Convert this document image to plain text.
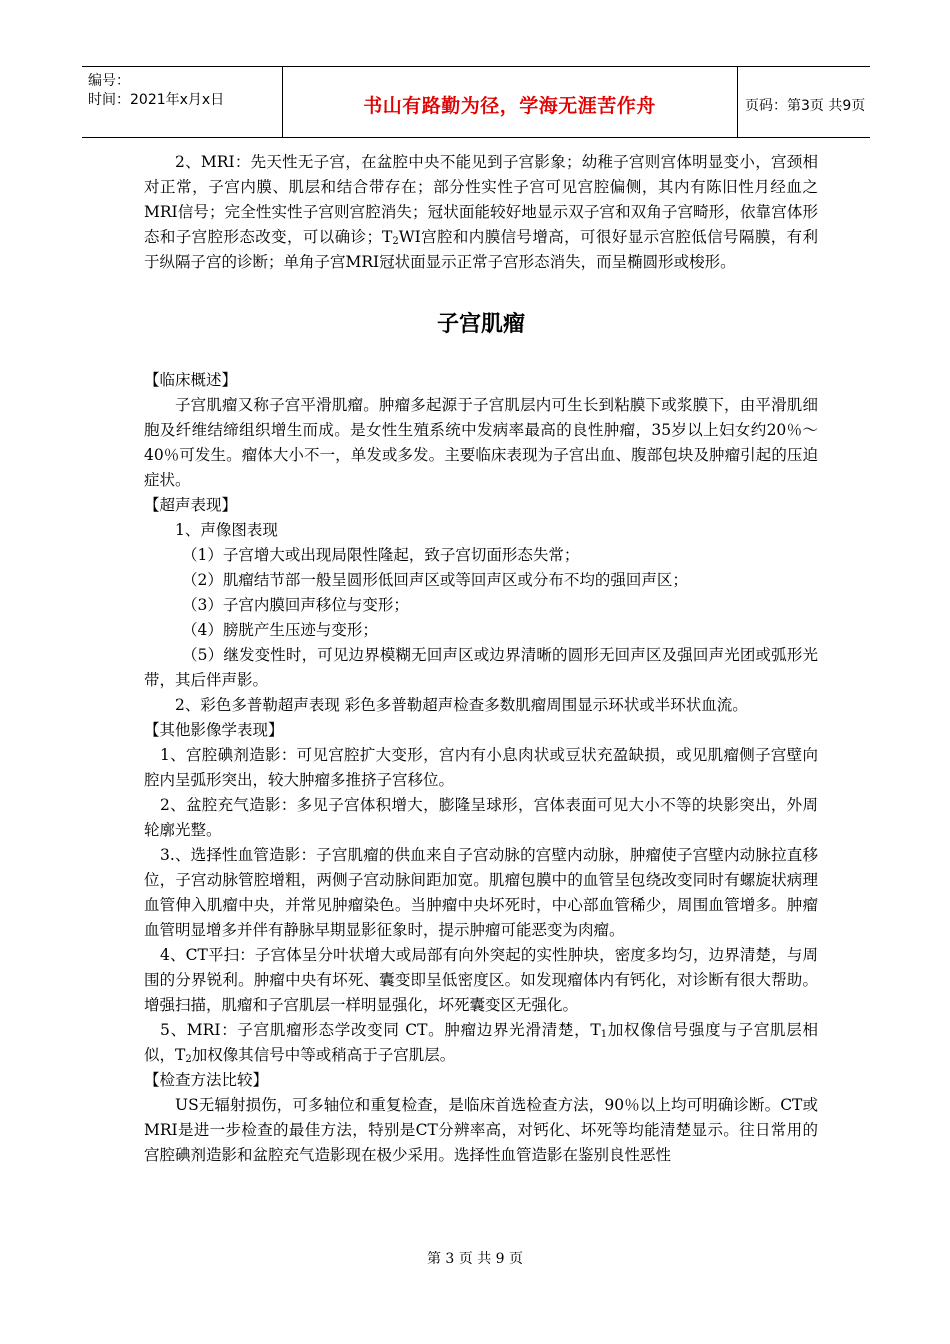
编号：
时间：2021年x月x日	书山有路勤为径，学海无涯苦作舟	页码：第3页 共9页

2、MRI：先天性无子宫，在盆腔中央不能见到子宫影象；幼稚子宫则宫体明显变小，宫颈相对正常，子宫内膜、肌层和结合带存在；部分性实性子宫可见宫腔偏侧，其内有陈旧性月经血之MRI信号；完全性实性子宫则宫腔消失；冠状面能较好地显示双子宫和双角子宫畸形，依靠宫体形态和子宫腔形态改变，可以确诊；$T_2WI$宫腔和内膜信号增高，可很好显示宫腔低信号隔膜，有利于纵隔子宫的诊断；单角子宫MRI冠状面显示正常子宫形态消失，而呈椭圆形或梭形。

子宫肌瘤

【临床概述】

子宫肌瘤又称子宫平滑肌瘤。肿瘤多起源于子宫肌层内可生长到粘膜下或浆膜下，由平滑肌细胞及纤维结缔组织增生而成。是女性生殖系统中发病率最高的良性肿瘤，35岁以上妇女约20％～40％可发生。瘤体大小不一，单发或多发。主要临床表现为子宫出血、腹部包块及肿瘤引起的压迫症状。

【超声表现】

1、声像图表现

（1）子宫增大或出现局限性隆起，致子宫切面形态失常；

（2）肌瘤结节部一般呈圆形低回声区或等回声区或分布不均的强回声区；

（3）子宫内膜回声移位与变形；

（4）膀胱产生压迹与变形；

（5）继发变性时，可见边界模糊无回声区或边界清晰的圆形无回声区及强回声光团或弧形光带，其后伴声影。

2、彩色多普勒超声表现 彩色多普勒超声检查多数肌瘤周围显示环状或半环状血流。

【其他影像学表现】

1、宫腔碘剂造影：可见宫腔扩大变形，宫内有小息肉状或豆状充盈缺损，或见肌瘤侧子宫壁向腔内呈弧形突出，较大肿瘤多推挤子宫移位。

2、盆腔充气造影：多见子宫体积增大，膨隆呈球形，宫体表面可见大小不等的块影突出，外周轮廓光整。

3.、选择性血管造影：子宫肌瘤的供血来自子宫动脉的宫壁内动脉，肿瘤使子宫壁内动脉拉直移位，子宫动脉管腔增粗，两侧子宫动脉间距加宽。肌瘤包膜中的血管呈包绕改变同时有螺旋状病理血管伸入肌瘤中央，并常见肿瘤染色。当肿瘤中央坏死时，中心部血管稀少，周围血管增多。肿瘤血管明显增多并伴有静脉早期显影征象时，提示肿瘤可能恶变为肉瘤。

4、CT平扫：子宫体呈分叶状增大或局部有向外突起的实性肿块，密度多均匀，边界清楚，与周围的分界锐利。肿瘤中央有坏死、囊变即呈低密度区。如发现瘤体内有钙化，对诊断有很大帮助。增强扫描，肌瘤和子宫肌层一样明显强化，坏死囊变区无强化。

5、MRI：子宫肌瘤形态学改变同 CT。肿瘤边界光滑清楚，$T_1$加权像信号强度与子宫肌层相似，$T_2$加权像其信号中等或稍高于子宫肌层。

【检查方法比较】

US无辐射损伤，可多轴位和重复检查，是临床首选检查方法，90％以上均可明确诊断。CT或MRI是进一步检查的最佳方法，特别是CT分辨率高，对钙化、坏死等均能清楚显示。往日常用的宫腔碘剂造影和盆腔充气造影现在极少采用。选择性血管造影在鉴别良性恶性

第 3 页 共 9 页
